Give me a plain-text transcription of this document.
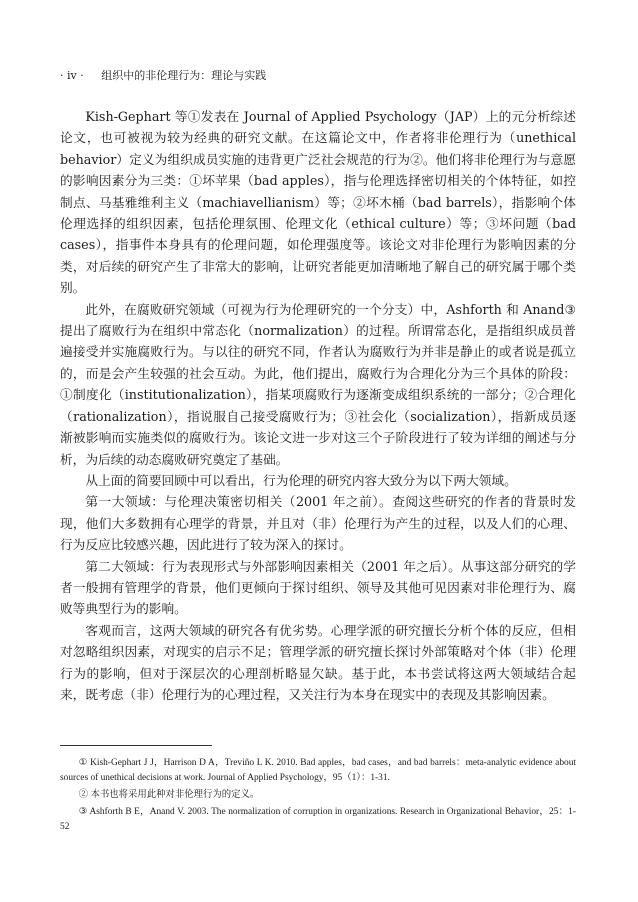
· iv · 组织中的非伦理行为：理论与实践

Kish-Gephart 等①发表在 Journal of Applied Psychology（JAP）上的元分析综述论文，也可被视为较为经典的研究文献。在这篇论文中，作者将非伦理行为（unethical behavior）定义为组织成员实施的违背更广泛社会规范的行为②。他们将非伦理行为与意愿的影响因素分为三类：①坏苹果（bad apples），指与伦理选择密切相关的个体特征，如控制点、马基雅维利主义（machiavellianism）等；②坏木桶（bad barrels），指影响个体伦理选择的组织因素，包括伦理氛围、伦理文化（ethical culture）等；③坏问题（bad cases），指事件本身具有的伦理问题，如伦理强度等。该论文对非伦理行为影响因素的分类，对后续的研究产生了非常大的影响，让研究者能更加清晰地了解自己的研究属于哪个类别。

此外，在腐败研究领域（可视为行为伦理研究的一个分支）中，Ashforth 和 Anand③提出了腐败行为在组织中常态化（normalization）的过程。所谓常态化，是指组织成员普遍接受并实施腐败行为。与以往的研究不同，作者认为腐败行为并非是静止的或者说是孤立的，而是会产生较强的社会互动。为此，他们提出，腐败行为合理化分为三个具体的阶段：①制度化（institutionalization），指某项腐败行为逐渐变成组织系统的一部分；②合理化（rationalization），指说服自己接受腐败行为；③社会化（socialization），指新成员逐渐被影响而实施类似的腐败行为。该论文进一步对这三个子阶段进行了较为详细的阐述与分析，为后续的动态腐败研究奠定了基础。

从上面的简要回顾中可以看出，行为伦理的研究内容大致分为以下两大领域。

第一大领域：与伦理决策密切相关（2001 年之前）。查阅这些研究的作者的背景时发现，他们大多数拥有心理学的背景，并且对（非）伦理行为产生的过程，以及人们的心理、行为反应比较感兴趣，因此进行了较为深入的探讨。

第二大领域：行为表现形式与外部影响因素相关（2001 年之后）。从事这部分研究的学者一般拥有管理学的背景，他们更倾向于探讨组织、领导及其他可见因素对非伦理行为、腐败等典型行为的影响。

客观而言，这两大领域的研究各有优劣势。心理学派的研究擅长分析个体的反应，但相对忽略组织因素，对现实的启示不足；管理学派的研究擅长探讨外部策略对个体（非）伦理行为的影响，但对于深层次的心理剖析略显欠缺。基于此，本书尝试将这两大领域结合起来，既考虑（非）伦理行为的心理过程，又关注行为本身在现实中的表现及其影响因素。

① Kish-Gephart J J，Harrison D A，Treviño L K. 2010. Bad apples，bad cases，and bad barrels：meta-analytic evidence about sources of unethical decisions at work. Journal of Applied Psychology，95（1）：1-31.

② 本书也将采用此种对非伦理行为的定义。

③ Ashforth B E，Anand V. 2003. The normalization of corruption in organizations. Research in Organizational Behavior，25：1-52
